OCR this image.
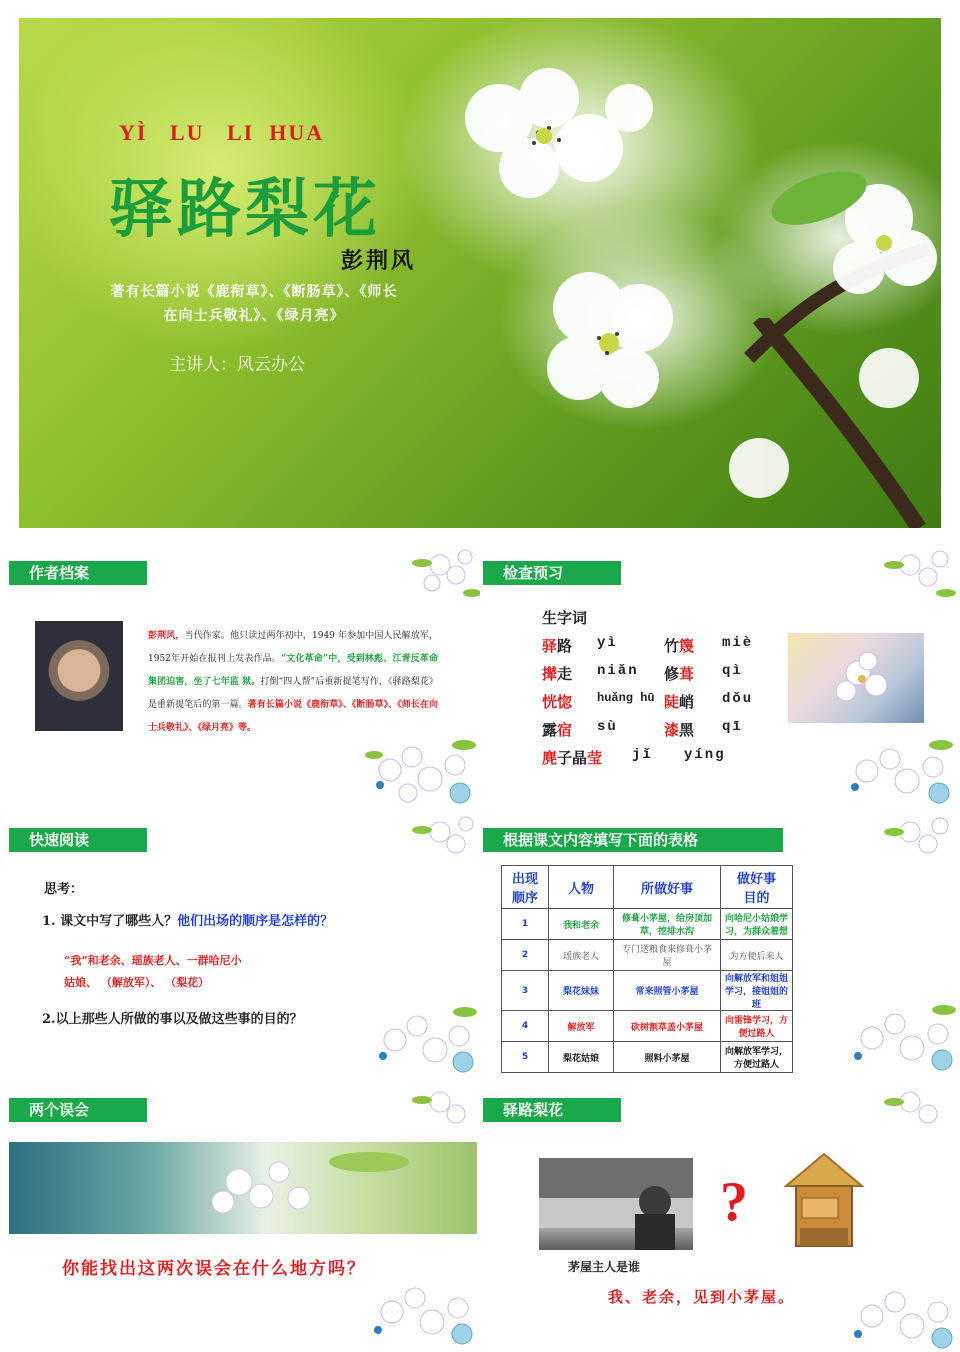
YÌ   LU   LI  HUA
驿路梨花
彭荆风
著有长篇小说《鹿衔草》、《断肠草》、《师长
在向士兵敬礼》、《绿月亮》
主讲人：风云办公
作者档案
彭荆风，当代作家。他只读过两年初中，1949 年参加中国人民解放军，1952年开始在报刊上发表作品。“文化革命”中，受到林彪、江青反革命集团迫害，坐了七年监 狱。打倒“四人帮”后重新提笔写作，《驿路梨花》是重新提笔后的第一篇。著有长篇小说《鹿衔草》、《断肠草》、《师长在向士兵敬礼》、《绿月亮》等。
检查预习
生字词
驿路 yì	竹篾 miè
撵走 niǎn 修葺 qì
恍惚 huǎng hū 陡峭 dǒu
露宿 sù	漆黑 qī
麂子晶莹 jǐ   yíng
快速阅读
思考：
1. 课文中写了哪些人？他们出场的顺序是怎样的？
“我”和老余、瑶族老人、一群哈尼小
姑娘、 （解放军）、 （梨花）
2.以上那些人所做的事以及做这些事的目的？
根据课文内容填写下面的表格
出现
顺序	人物	所做好事	做好事
目的
1	我和老余	修葺小茅屋，给房顶加草，挖排水沟	向哈尼小姑娘学习，为群众着想
2	瑶族老人	专门送粮食来修葺小茅屋	为方便后来人
3	梨花妹妹	常来照管小茅屋	向解放军和姐姐学习，接姐姐的班
4	解放军	砍树割草盖小茅屋	向雷锋学习，方便过路人
5	梨花姑娘	照料小茅屋	向解放军学习，方便过路人
两个误会
你能找出这两次误会在什么地方吗？
驿路梨花
?
茅屋主人是谁
我、老余，见到小茅屋。
